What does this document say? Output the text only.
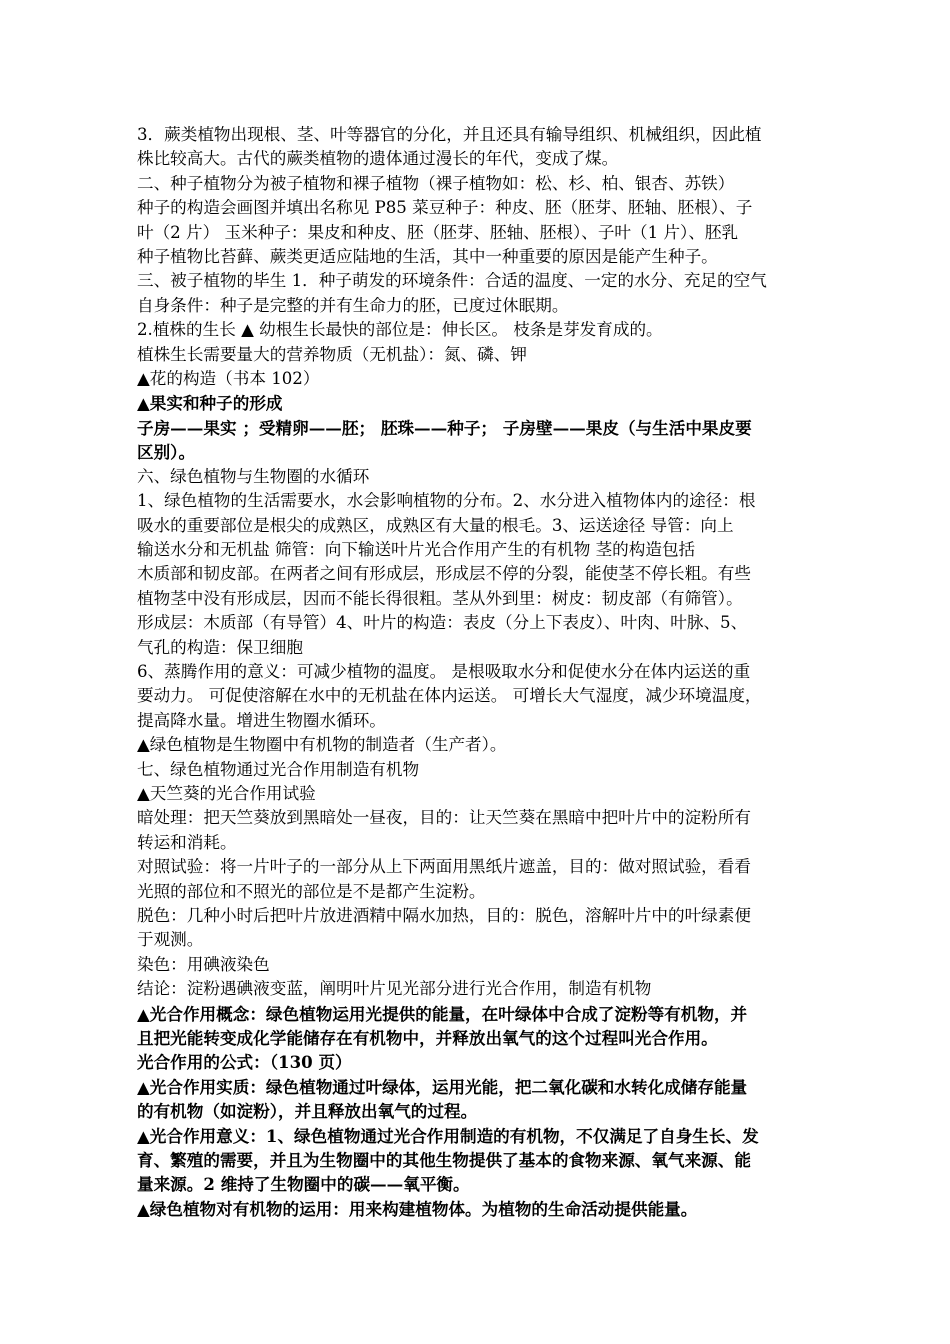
3．蕨类植物出现根、茎、叶等器官的分化，并且还具有输导组织、机械组织，因此植

株比较高大。古代的蕨类植物的遗体通过漫长的年代，变成了煤。

二、种子植物分为被子植物和裸子植物（裸子植物如：松、杉、柏、银杏、苏铁）

种子的构造会画图并填出名称见 P85 菜豆种子：种皮、胚（胚芽、胚轴、胚根）、子

叶（2 片） 玉米种子：果皮和种皮、胚（胚芽、胚轴、胚根）、子叶（1 片）、胚乳

种子植物比苔藓、蕨类更适应陆地的生活，其中一种重要的原因是能产生种子。

三、被子植物的毕生 1．种子萌发的环境条件：合适的温度、一定的水分、充足的空气

自身条件：种子是完整的并有生命力的胚，已度过休眠期。

2.植株的生长 ▲ 幼根生长最快的部位是：伸长区。 枝条是芽发育成的。

植株生长需要量大的营养物质（无机盐）：氮、磷、钾

▲花的构造（书本 102）

▲果实和种子的形成

子房——果实 ；受精卵——胚； 胚珠——种子； 子房壁——果皮（与生活中果皮要

区别）。

六、绿色植物与生物圈的水循环

1、绿色植物的生活需要水，水会影响植物的分布。2、水分进入植物体内的途径：根

吸水的重要部位是根尖的成熟区，成熟区有大量的根毛。3、运送途径 导管：向上

输送水分和无机盐 筛管：向下输送叶片光合作用产生的有机物 茎的构造包括

木质部和韧皮部。在两者之间有形成层，形成层不停的分裂，能使茎不停长粗。有些

植物茎中没有形成层，因而不能长得很粗。茎从外到里：树皮：韧皮部（有筛管）。

形成层：木质部（有导管）4、叶片的构造：表皮（分上下表皮）、叶肉、叶脉、5、

气孔的构造：保卫细胞

6、蒸腾作用的意义：可减少植物的温度。 是根吸取水分和促使水分在体内运送的重

要动力。 可促使溶解在水中的无机盐在体内运送。 可增长大气湿度，减少环境温度，

提高降水量。增进生物圈水循环。

▲绿色植物是生物圈中有机物的制造者（生产者）。

七、绿色植物通过光合作用制造有机物

▲天竺葵的光合作用试验

暗处理：把天竺葵放到黑暗处一昼夜，目的：让天竺葵在黑暗中把叶片中的淀粉所有

转运和消耗。

对照试验：将一片叶子的一部分从上下两面用黑纸片遮盖，目的：做对照试验，看看

光照的部位和不照光的部位是不是都产生淀粉。

脱色：几种小时后把叶片放进酒精中隔水加热，目的：脱色，溶解叶片中的叶绿素便

于观测。

染色：用碘液染色

结论：淀粉遇碘液变蓝，阐明叶片见光部分进行光合作用，制造有机物

▲光合作用概念：绿色植物运用光提供的能量，在叶绿体中合成了淀粉等有机物，并

且把光能转变成化学能储存在有机物中，并释放出氧气的这个过程叫光合作用。

光合作用的公式：（130 页）

▲光合作用实质：绿色植物通过叶绿体，运用光能，把二氧化碳和水转化成储存能量

的有机物（如淀粉），并且释放出氧气的过程。

▲光合作用意义：1、绿色植物通过光合作用制造的有机物，不仅满足了自身生长、发

育、繁殖的需要，并且为生物圈中的其他生物提供了基本的食物来源、氧气来源、能

量来源。2 维持了生物圈中的碳——氧平衡。

▲绿色植物对有机物的运用：用来构建植物体。为植物的生命活动提供能量。
